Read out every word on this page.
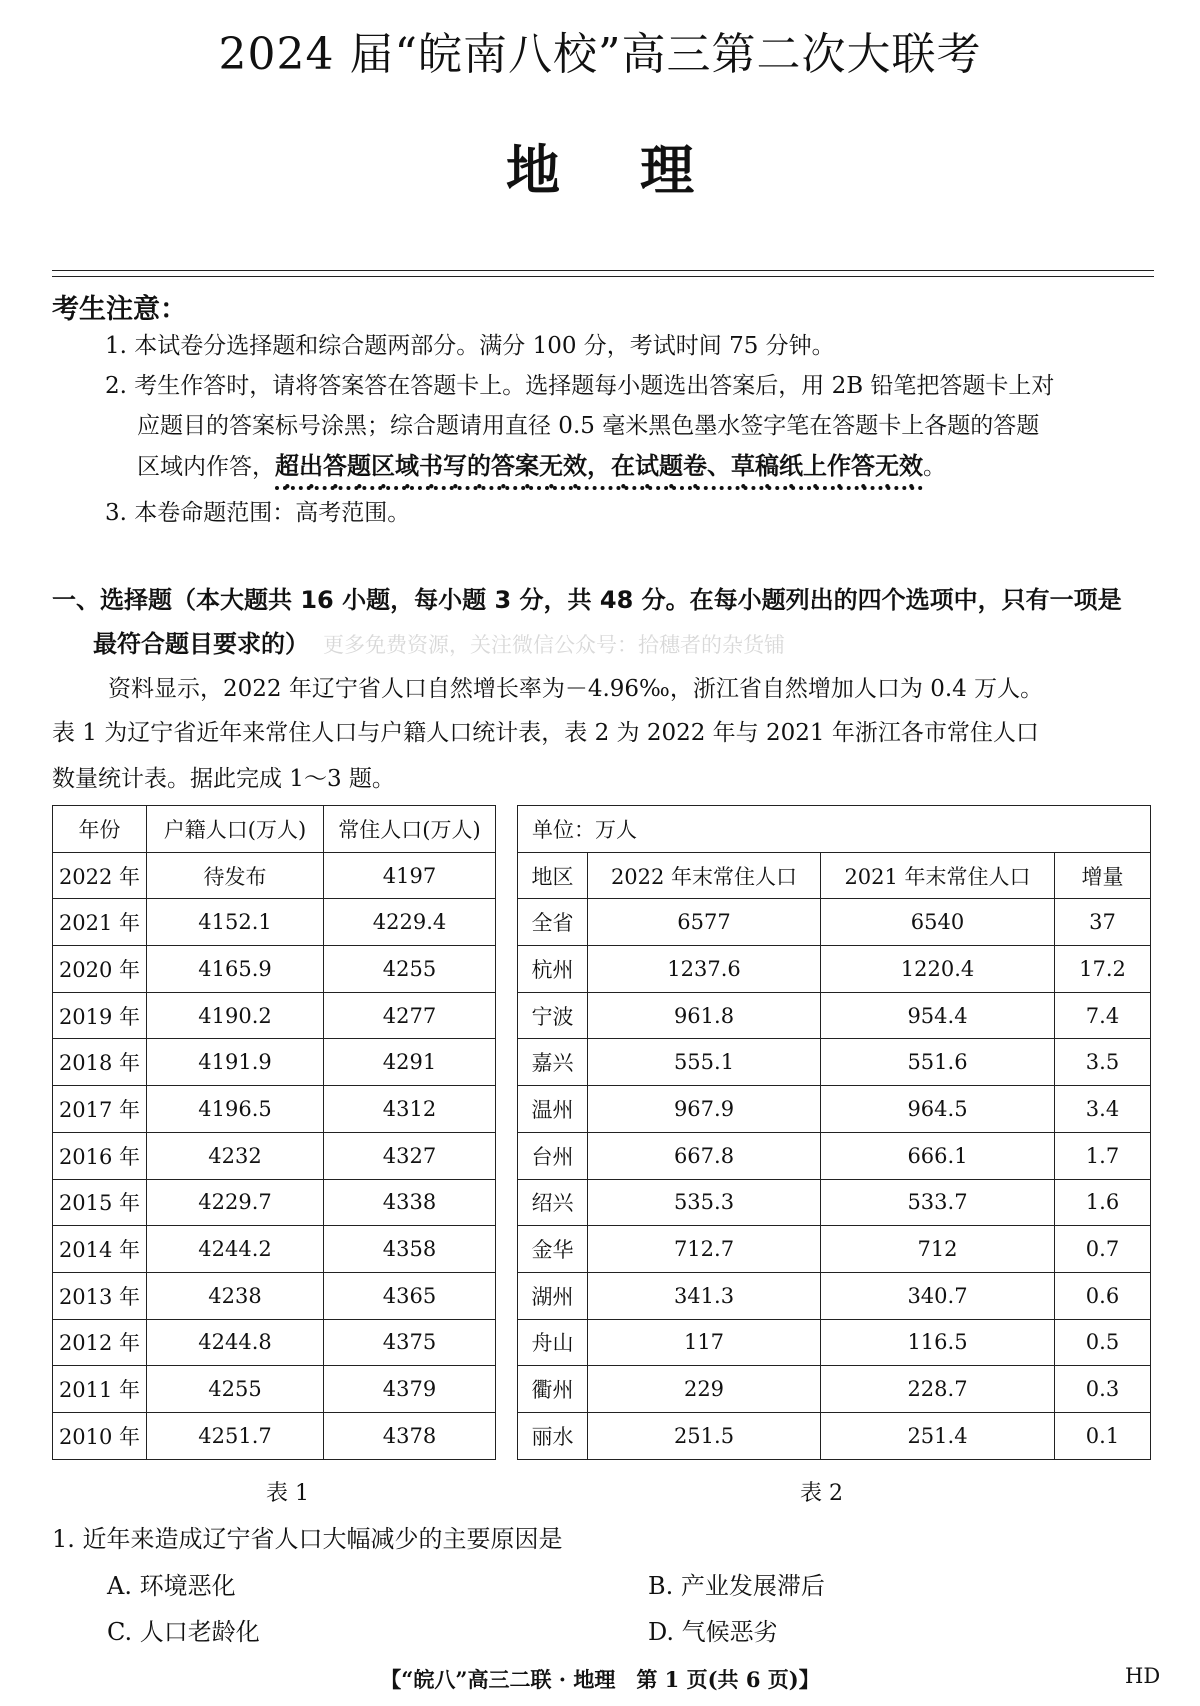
2024 届“皖南八校”高三第二次大联考
地理
考生注意：
1. 本试卷分选择题和综合题两部分。满分 100 分，考试时间 75 分钟。
2. 考生作答时，请将答案答在答题卡上。选择题每小题选出答案后，用 2B 铅笔把答题卡上对
应题目的答案标号涂黑；综合题请用直径 0.5 毫米黑色墨水签字笔在答题卡上各题的答题
区域内作答，超出答题区域书写的答案无效，在试题卷、草稿纸上作答无效。
3. 本卷命题范围：高考范围。
一、选择题（本大题共 16 小题，每小题 3 分，共 48 分。在每小题列出的四个选项中，只有一项是
最符合题目要求的） 更多免费资源，关注微信公众号：拾穗者的杂货铺
资料显示，2022 年辽宁省人口自然增长率为－4.96‰，浙江省自然增加人口为 0.4 万人。
表 1 为辽宁省近年来常住人口与户籍人口统计表，表 2 为 2022 年与 2021 年浙江各市常住人口
数量统计表。据此完成 1～3 题。
年份	户籍人口(万人)	常住人口(万人)
2022 年	待发布	4197
2021 年	4152.1	4229.4
2020 年	4165.9	4255
2019 年	4190.2	4277
2018 年	4191.9	4291
2017 年	4196.5	4312
2016 年	4232	4327
2015 年	4229.7	4338
2014 年	4244.2	4358
2013 年	4238	4365
2012 年	4244.8	4375
2011 年	4255	4379
2010 年	4251.7	4378
单位：万人			
地区	2022 年末常住人口	2021 年末常住人口	增量
全省	6577	6540	37
杭州	1237.6	1220.4	17.2
宁波	961.8	954.4	7.4
嘉兴	555.1	551.6	3.5
温州	967.9	964.5	3.4
台州	667.8	666.1	1.7
绍兴	535.3	533.7	1.6
金华	712.7	712	0.7
湖州	341.3	340.7	0.6
舟山	117	116.5	0.5
衢州	229	228.7	0.3
丽水	251.5	251.4	0.1
表 1	表 2
1. 近年来造成辽宁省人口大幅减少的主要原因是
A. 环境恶化	B. 产业发展滞后
C. 人口老龄化	D. 气候恶劣
【“皖八”高三二联 · 地理　第 1 页(共 6 页)】	HD
